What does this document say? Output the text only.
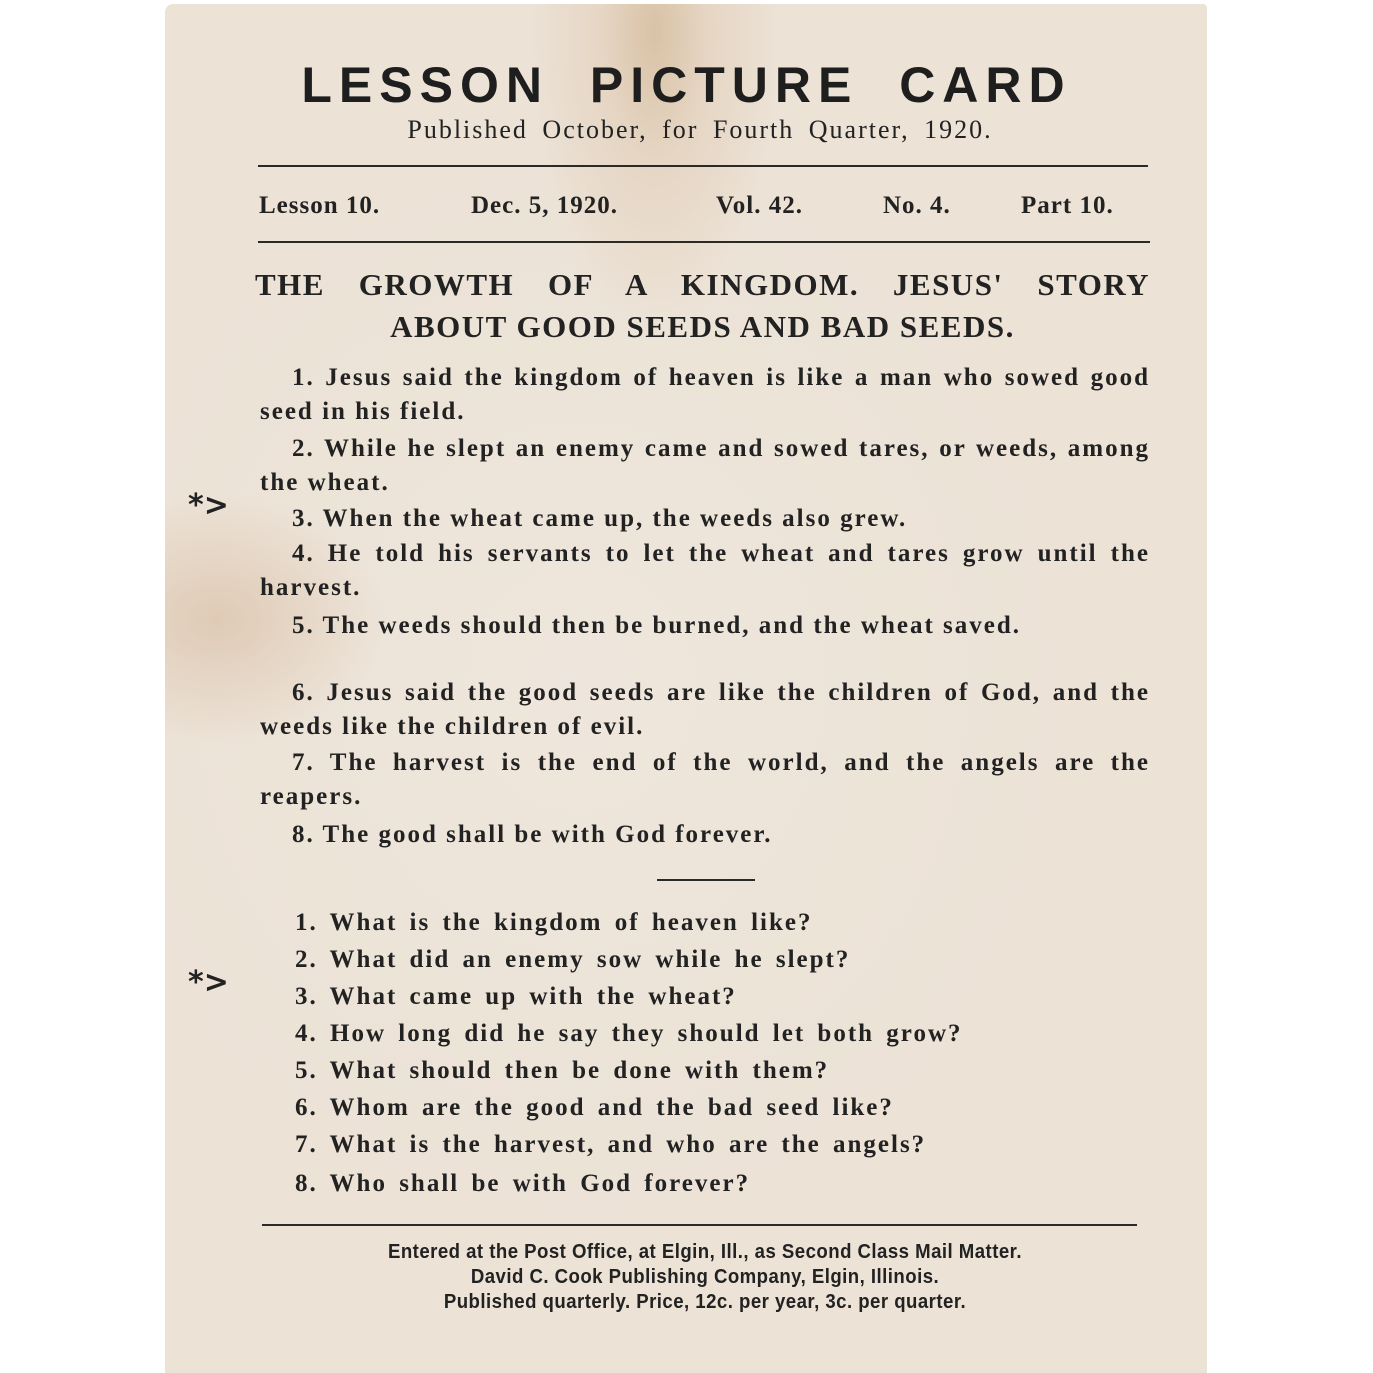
LESSON PICTURE CARD
Published October, for Fourth Quarter, 1920.
Lesson 10.	Dec. 5, 1920.	Vol. 42.	No. 4.	Part 10.
THE GROWTH OF A KINGDOM. JESUS' STORY
ABOUT GOOD SEEDS AND BAD SEEDS.
1. Jesus said the kingdom of heaven is like a man who sowed good seed in his field.
2. While he slept an enemy came and sowed tares, or weeds, among the wheat.
3. When the wheat came up, the weeds also grew.
4. He told his servants to let the wheat and tares grow until the harvest.
5. The weeds should then be burned, and the wheat saved.
6. Jesus said the good seeds are like the children of God, and the weeds like the children of evil.
7. The harvest is the end of the world, and the angels are the reapers.
8. The good shall be with God forever.
1. What is the kingdom of heaven like?
2. What did an enemy sow while he slept?
3. What came up with the wheat?
4. How long did he say they should let both grow?
5. What should then be done with them?
6. Whom are the good and the bad seed like?
7. What is the harvest, and who are the angels?
8. Who shall be with God forever?
*>
*>
Entered at the Post Office, at Elgin, Ill., as Second Class Mail Matter.
David C. Cook Publishing Company, Elgin, Illinois.
Published quarterly. Price, 12c. per year, 3c. per quarter.
